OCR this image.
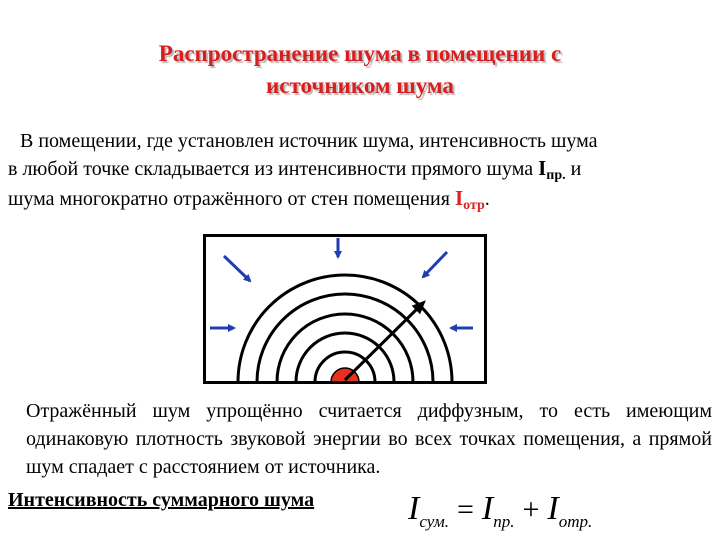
Распространение шума в помещении с
источником шума
В помещении, где установлен источник шума, интенсивность шума
в любой точке складывается из интенсивности прямого шума $I_{пр.}$ и
шума многократно отражённого от стен помещения $I_{отр}$.
Отражённый шум упрощённо считается диффузным, то есть имеющим одинаковую плотность звуковой энергии во всех точках помещения, а прямой шум спадает с расстоянием от источника.
Интенсивность суммарного шума	Iсум. = Iпр. + Iотр.
